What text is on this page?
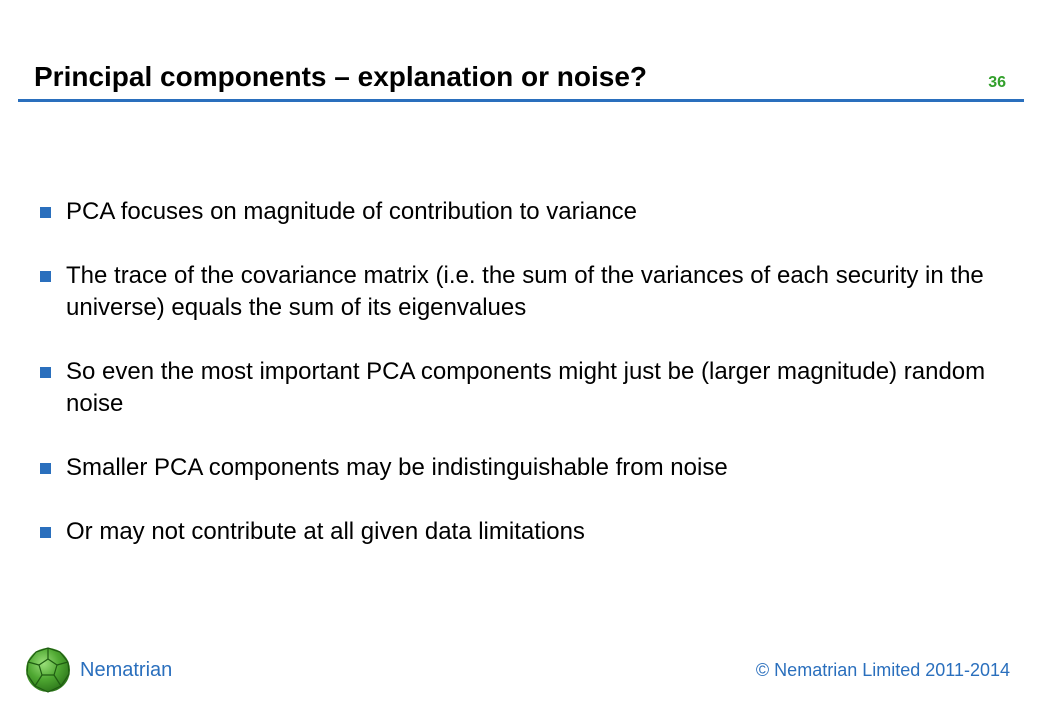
Principal components – explanation or noise?	36
PCA focuses on magnitude of contribution to variance
The trace of the covariance matrix (i.e. the sum of the variances of each security in the universe) equals the sum of its eigenvalues
So even the most important PCA components might just be (larger magnitude) random noise
Smaller PCA components may be indistinguishable from noise
Or may not contribute at all given data limitations
Nematrian	© Nematrian Limited 2011-2014
